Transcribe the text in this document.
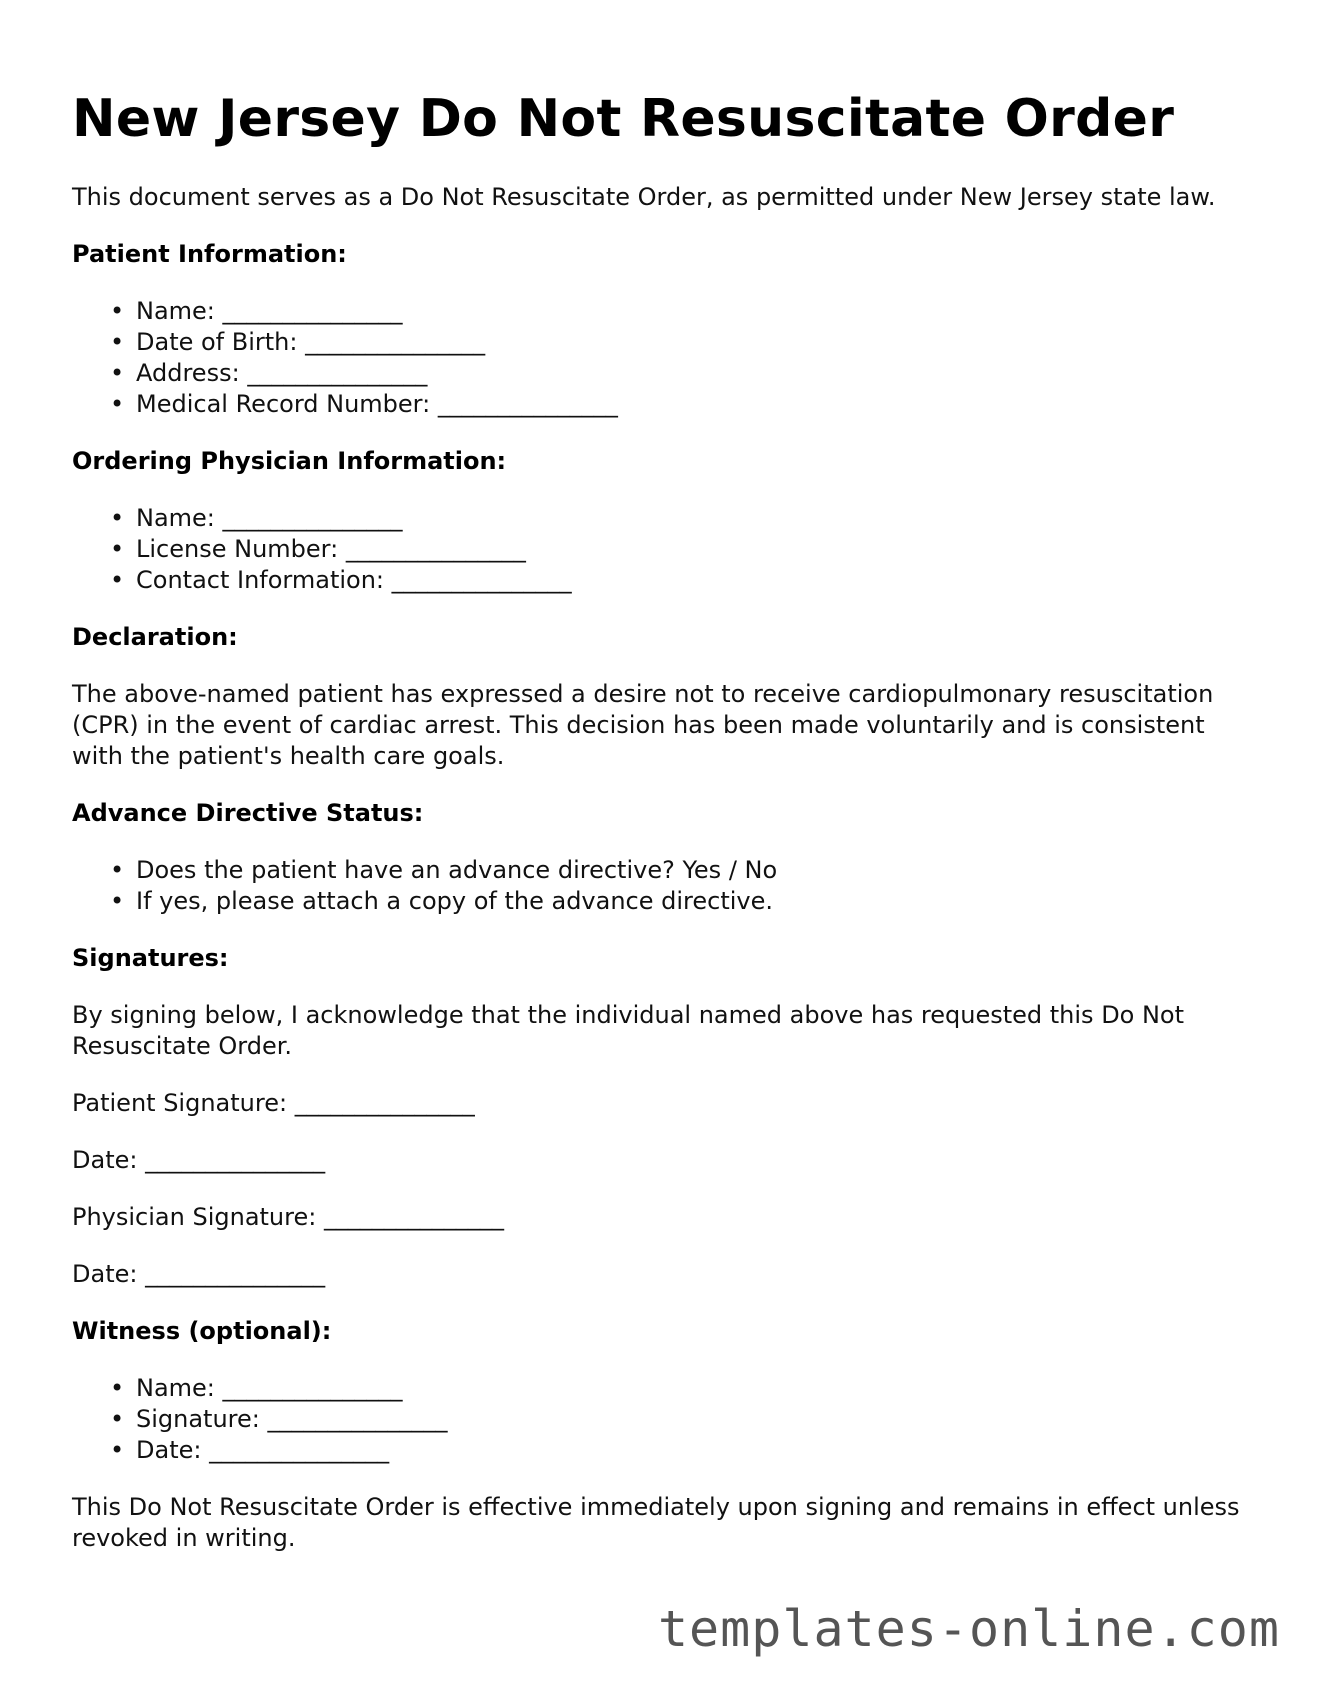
New Jersey Do Not Resuscitate Order

This document serves as a Do Not Resuscitate Order, as permitted under New Jersey state law.

Patient Information:
• Name: _______________
• Date of Birth: _______________
• Address: _______________
• Medical Record Number: _______________
Ordering Physician Information:
• Name: _______________
• License Number: _______________
• Contact Information: _______________
Declaration:

The above-named patient has expressed a desire not to receive cardiopulmonary resuscitation (CPR) in the event of cardiac arrest. This decision has been made voluntarily and is consistent with the patient's health care goals.

Advance Directive Status:
• Does the patient have an advance directive? Yes / No
• If yes, please attach a copy of the advance directive.
Signatures:

By signing below, I acknowledge that the individual named above has requested this Do Not Resuscitate Order.

Patient Signature: _______________

Date: _______________

Physician Signature: _______________

Date: _______________

Witness (optional):
• Name: _______________
• Signature: _______________
• Date: _______________

This Do Not Resuscitate Order is effective immediately upon signing and remains in effect unless revoked in writing.

templates-online.com
